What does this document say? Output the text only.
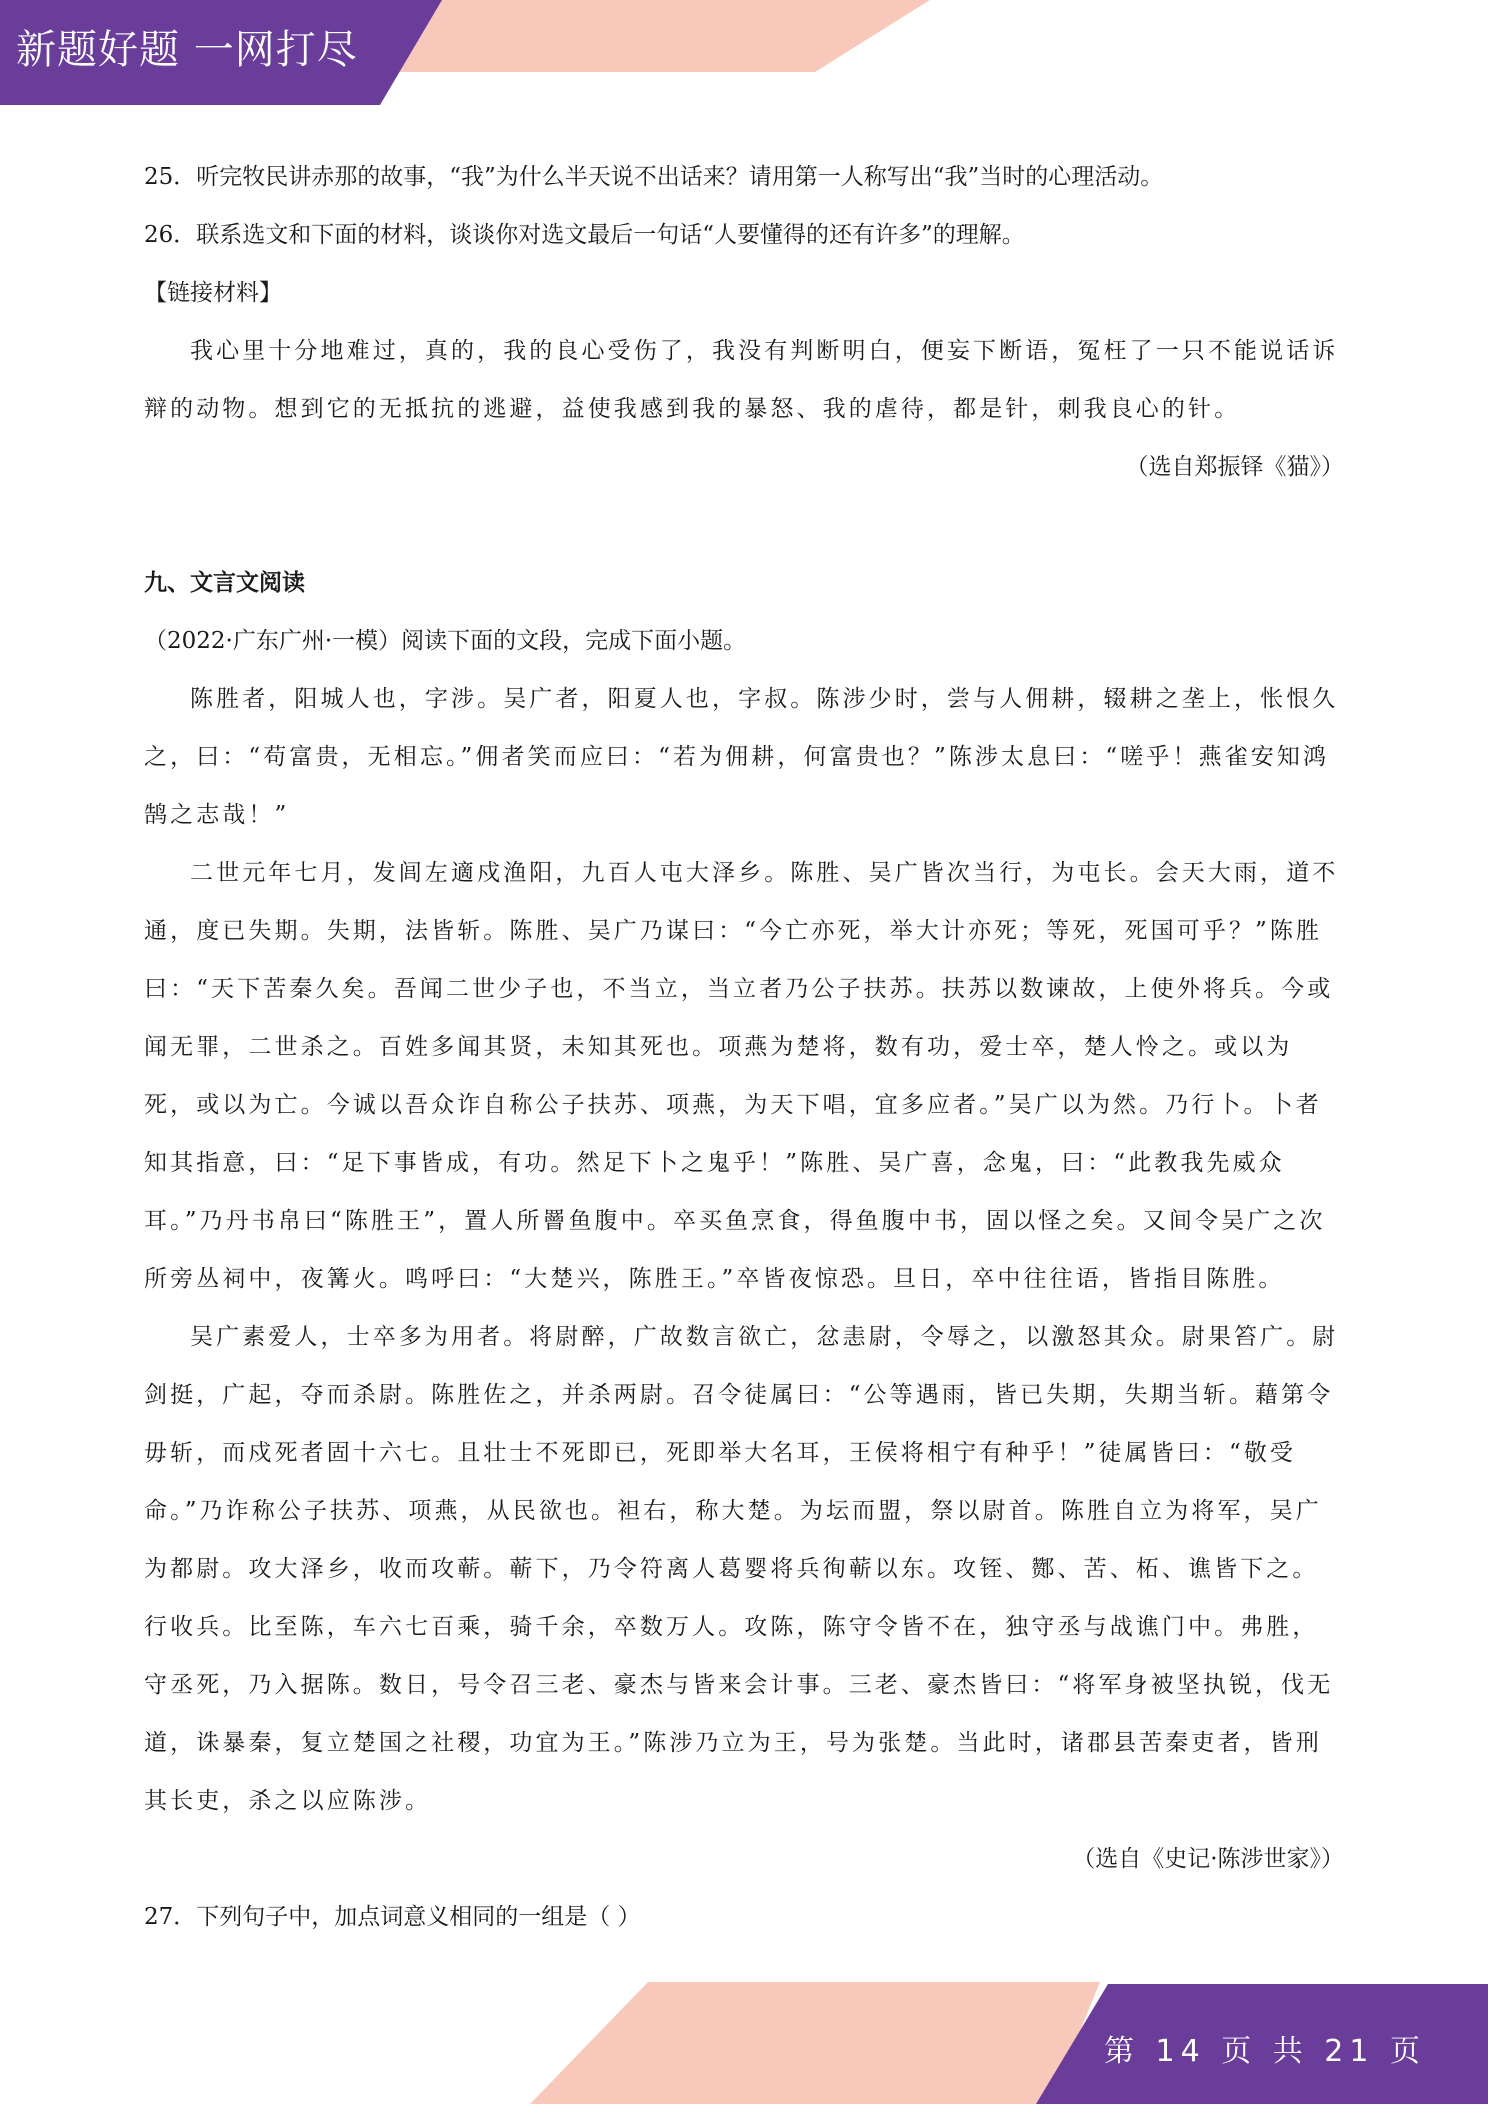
新题好题 一网打尽

25．听完牧民讲赤那的故事，“我”为什么半天说不出话来？请用第一人称写出“我”当时的心理活动。

26．联系选文和下面的材料，谈谈你对选文最后一句话“人要懂得的还有许多”的理解。

【链接材料】

我心里十分地难过，真的，我的良心受伤了，我没有判断明白，便妄下断语，冤枉了一只不能说话诉辩的动物。想到它的无抵抗的逃避，益使我感到我的暴怒、我的虐待，都是针，刺我良心的针。

（选自郑振铎《猫》）

九、文言文阅读

（2022·广东广州·一模）阅读下面的文段，完成下面小题。

陈胜者，阳城人也，字涉。吴广者，阳夏人也，字叔。陈涉少时，尝与人佣耕，辍耕之垄上，怅恨久之，曰：“苟富贵，无相忘。”佣者笑而应曰：“若为佣耕，何富贵也？”陈涉太息曰：“嗟乎！燕雀安知鸿鹄之志哉！”

二世元年七月，发闾左適戍渔阳，九百人屯大泽乡。陈胜、吴广皆次当行，为屯长。会天大雨，道不通，度已失期。失期，法皆斩。陈胜、吴广乃谋曰：“今亡亦死，举大计亦死；等死，死国可乎？”陈胜曰：“天下苦秦久矣。吾闻二世少子也，不当立，当立者乃公子扶苏。扶苏以数谏故，上使外将兵。今或闻无罪，二世杀之。百姓多闻其贤，未知其死也。项燕为楚将，数有功，爱士卒，楚人怜之。或以为死，或以为亡。今诚以吾众诈自称公子扶苏、项燕，为天下唱，宜多应者。”吴广以为然。乃行卜。卜者知其指意，曰：“足下事皆成，有功。然足下卜之鬼乎！”陈胜、吴广喜，念鬼，曰：“此教我先威众耳。”乃丹书帛曰“陈胜王”，置人所罾鱼腹中。卒买鱼烹食，得鱼腹中书，固以怪之矣。又间令吴广之次所旁丛祠中，夜篝火。鸣呼曰：“大楚兴，陈胜王。”卒皆夜惊恐。旦日，卒中往往语，皆指目陈胜。

吴广素爱人，士卒多为用者。将尉醉，广故数言欲亡，忿恚尉，令辱之，以激怒其众。尉果笞广。尉剑挺，广起，夺而杀尉。陈胜佐之，并杀两尉。召令徒属曰：“公等遇雨，皆已失期，失期当斩。藉第令毋斩，而戍死者固十六七。且壮士不死即已，死即举大名耳，王侯将相宁有种乎！”徒属皆曰：“敬受命。”乃诈称公子扶苏、项燕，从民欲也。袒右，称大楚。为坛而盟，祭以尉首。陈胜自立为将军，吴广为都尉。攻大泽乡，收而攻蕲。蕲下，乃令符离人葛婴将兵徇蕲以东。攻铚、酂、苦、柘、谯皆下之。行收兵。比至陈，车六七百乘，骑千余，卒数万人。攻陈，陈守令皆不在，独守丞与战谯门中。弗胜，守丞死，乃入据陈。数日，号令召三老、豪杰与皆来会计事。三老、豪杰皆曰：“将军身被坚执锐，伐无道，诛暴秦，复立楚国之社稷，功宜为王。”陈涉乃立为王，号为张楚。当此时，诸郡县苦秦吏者，皆刑其长吏，杀之以应陈涉。

（选自《史记·陈涉世家》）

27．下列句子中，加点词意义相同的一组是（ ）

第 14 页 共 21 页
